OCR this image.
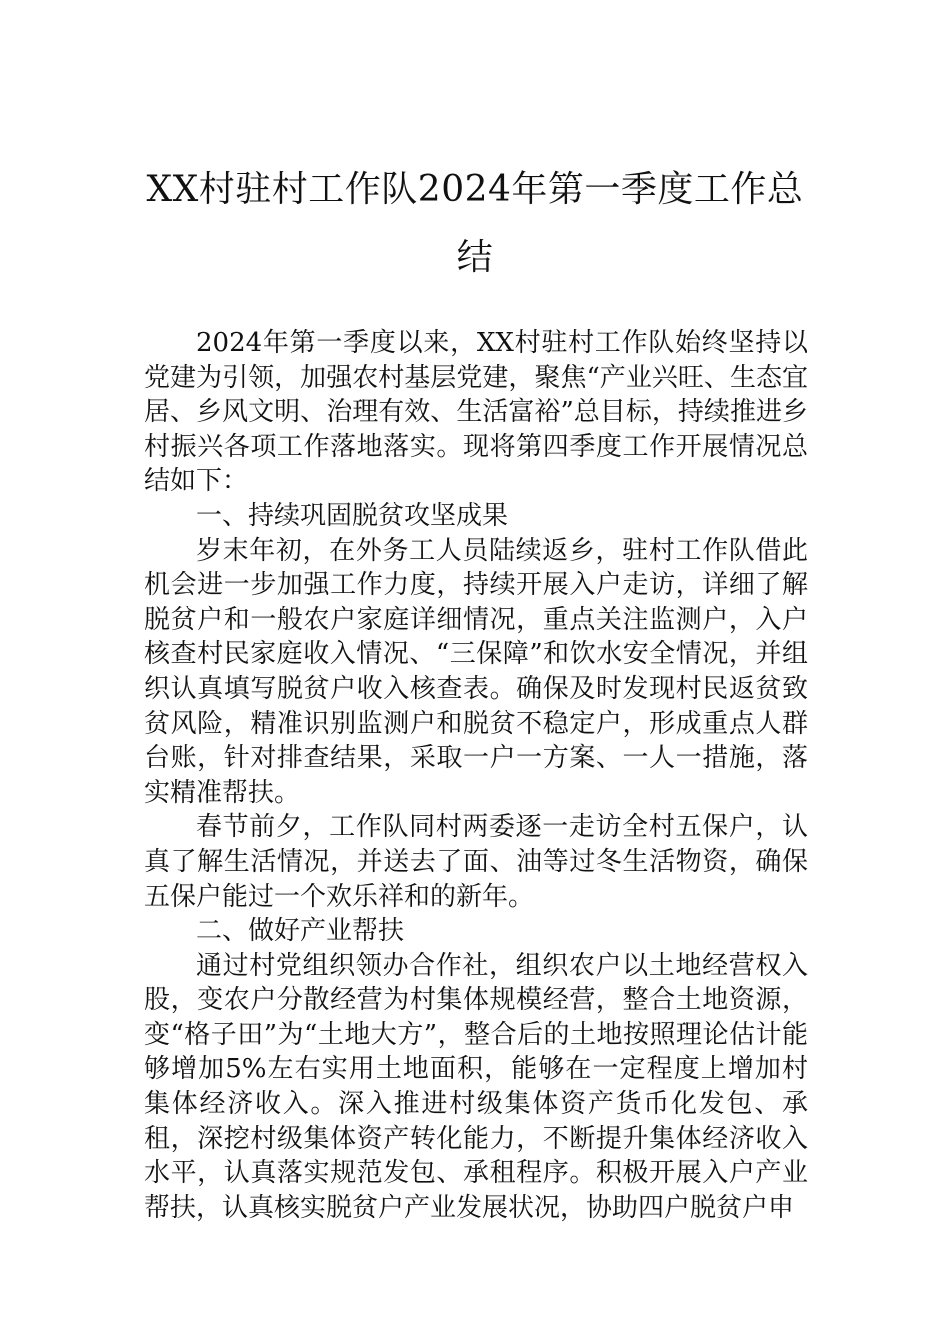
XX村驻村工作队2024年第一季度工作总
结

2024年第一季度以来，XX村驻村工作队始终坚持以党建为引领，加强农村基层党建，聚焦“产业兴旺、生态宜居、乡风文明、治理有效、生活富裕”总目标，持续推进乡村振兴各项工作落地落实。现将第四季度工作开展情况总结如下：

一、持续巩固脱贫攻坚成果

岁末年初，在外务工人员陆续返乡，驻村工作队借此机会进一步加强工作力度，持续开展入户走访，详细了解脱贫户和一般农户家庭详细情况，重点关注监测户，入户核查村民家庭收入情况、“三保障”和饮水安全情况，并组织认真填写脱贫户收入核查表。确保及时发现村民返贫致贫风险，精准识别监测户和脱贫不稳定户，形成重点人群台账，针对排查结果，采取一户一方案、一人一措施，落实精准帮扶。

春节前夕，工作队同村两委逐一走访全村五保户，认真了解生活情况，并送去了面、油等过冬生活物资，确保五保户能过一个欢乐祥和的新年。

二、做好产业帮扶

通过村党组织领办合作社，组织农户以土地经营权入股，变农户分散经营为村集体规模经营，整合土地资源，变“格子田”为“土地大方”，整合后的土地按照理论估计能够增加5%左右实用土地面积，能够在一定程度上增加村集体经济收入。深入推进村级集体资产货币化发包、承租，深挖村级集体资产转化能力，不断提升集体经济收入水平，认真落实规范发包、承租程序。积极开展入户产业帮扶，认真核实脱贫户产业发展状况，协助四户脱贫户申
